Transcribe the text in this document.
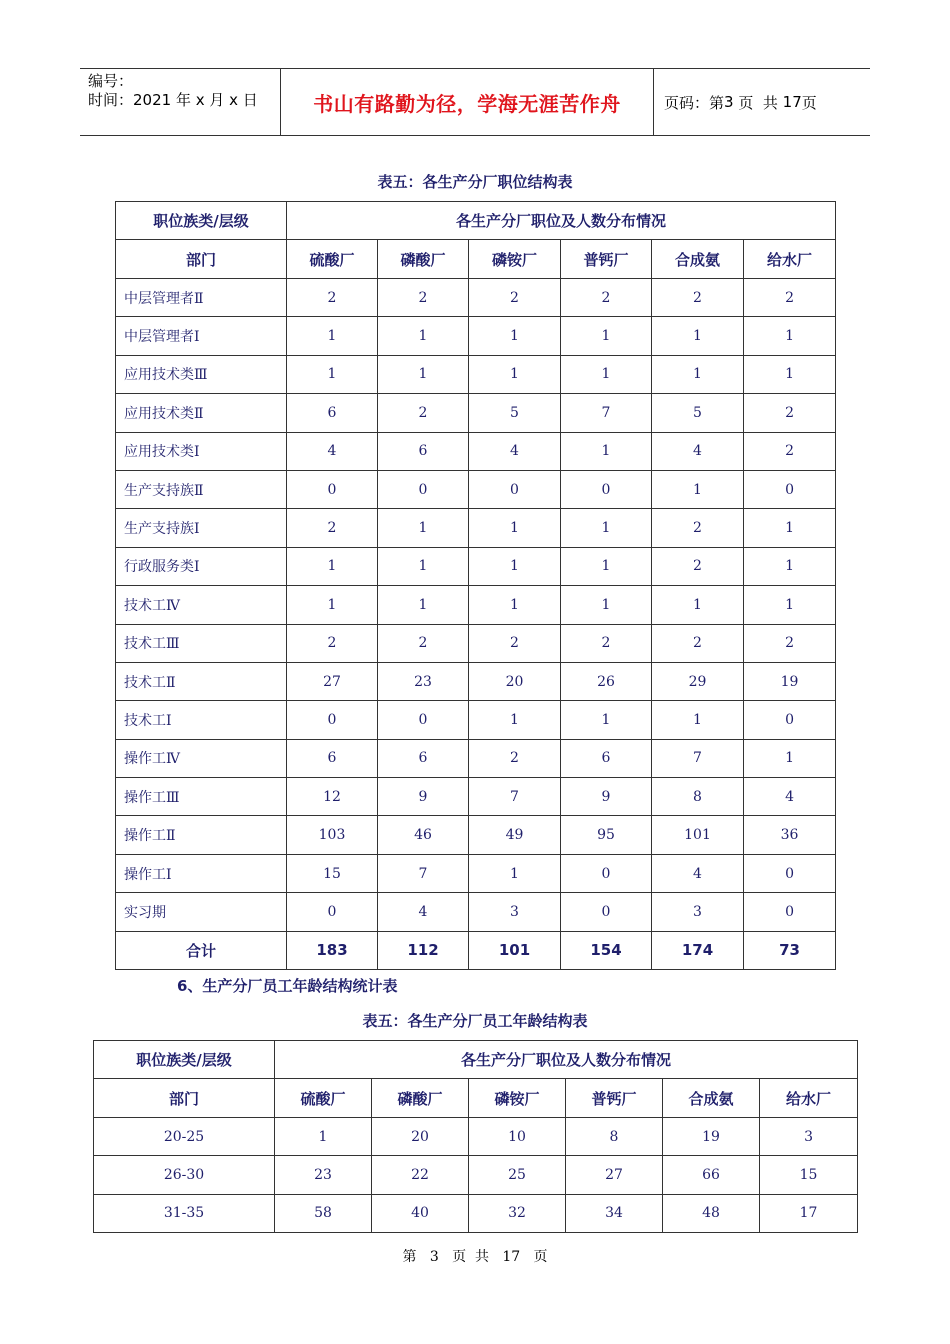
编号：
时间：2021 年 x 月 x 日	书山有路勤为径，学海无涯苦作舟	页码：第 3
页  共
17 页
表五：各生产分厂职位结构表
职位族类/层级	各生产分厂职位及人数分布情况					
部门	硫酸厂	磷酸厂	磷铵厂	普钙厂	合成氨	给水厂
中层管理者Ⅱ	2	2	2	2	2	2
中层管理者Ⅰ	1	1	1	1	1	1
应用技术类Ⅲ	1	1	1	1	1	1
应用技术类Ⅱ	6	2	5	7	5	2
应用技术类Ⅰ	4	6	4	1	4	2
生产支持族Ⅱ	0	0	0	0	1	0
生产支持族Ⅰ	2	1	1	1	2	1
行政服务类Ⅰ	1	1	1	1	2	1
技术工Ⅳ	1	1	1	1	1	1
技术工Ⅲ	2	2	2	2	2	2
技术工Ⅱ	27	23	20	26	29	19
技术工Ⅰ	0	0	1	1	1	0
操作工Ⅳ	6	6	2	6	7	1
操作工Ⅲ	12	9	7	9	8	4
操作工Ⅱ	103	46	49	95	101	36
操作工Ⅰ	15	7	1	0	4	0
实习期	0	4	3	0	3	0
合计	183	112	101	154	174	73
6、生产分厂员工年龄结构统计表
表五：各生产分厂员工年龄结构表
职位族类/层级	各生产分厂职位及人数分布情况					
部门	硫酸厂	磷酸厂	磷铵厂	普钙厂	合成氨	给水厂
20-25	1	20	10	8	19	3
26-30	23	22	25	27	66	15
31-35	58	40	32	34	48	17
第 3 页  共 17 页
